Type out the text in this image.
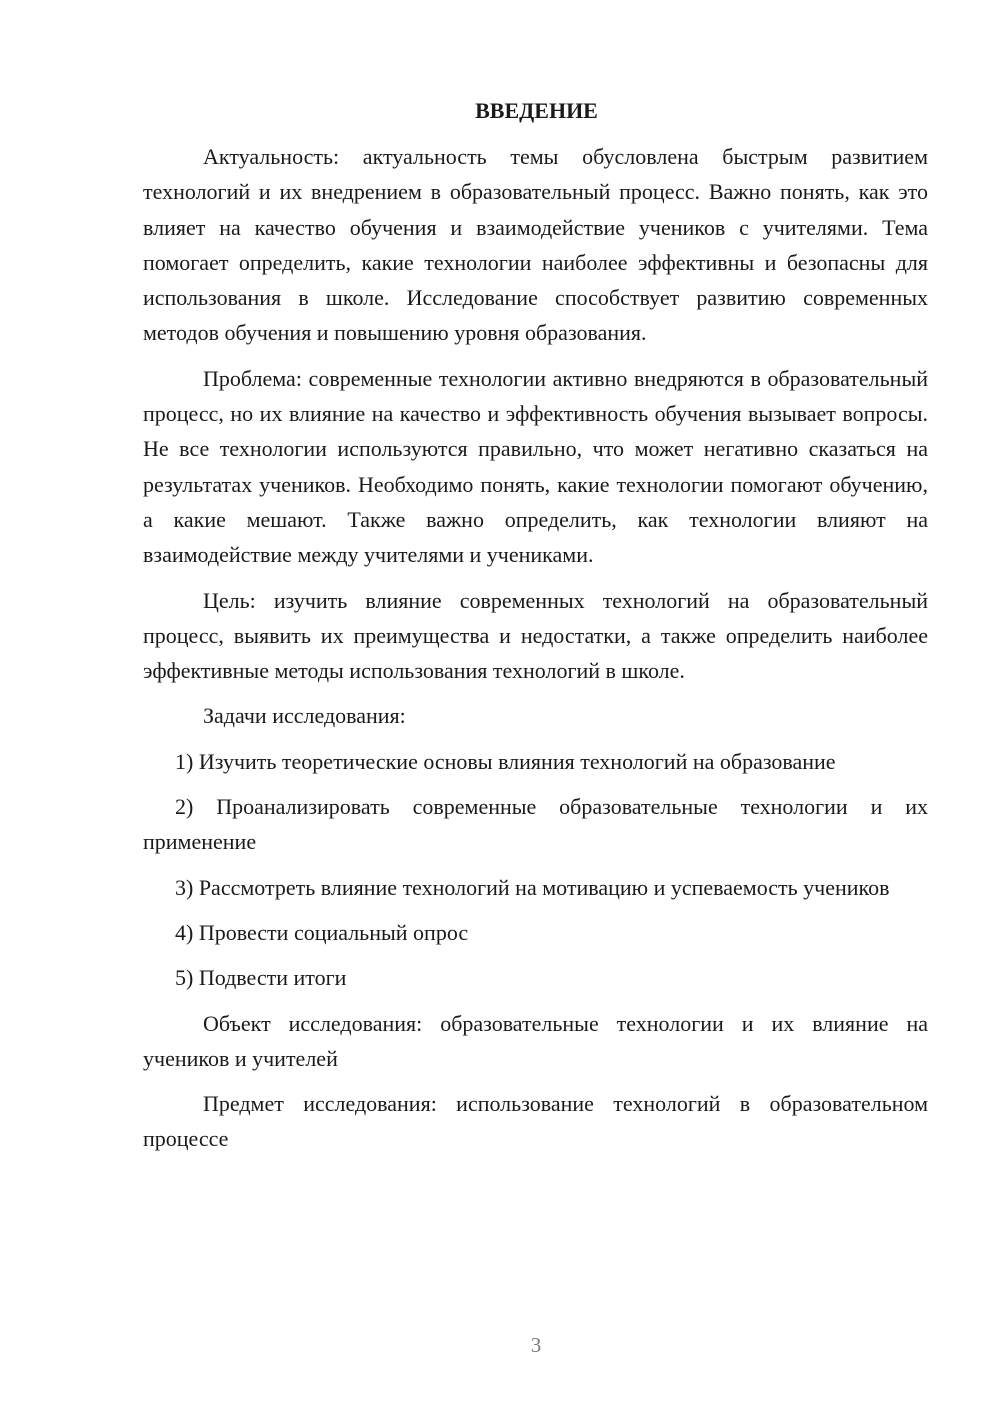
ВВЕДЕНИЕ

Актуальность: актуальность темы обусловлена быстрым развитием технологий и их внедрением в образовательный процесс. Важно понять, как это влияет на качество обучения и взаимодействие учеников с учителями. Тема помогает определить, какие технологии наиболее эффективны и безопасны для использования в школе. Исследование способствует развитию современных методов обучения и повышению уровня образования.

Проблема: современные технологии активно внедряются в образовательный процесс, но их влияние на качество и эффективность обучения вызывает вопросы. Не все технологии используются правильно, что может негативно сказаться на результатах учеников. Необходимо понять, какие технологии помогают обучению, а какие мешают. Также важно определить, как технологии влияют на взаимодействие между учителями и учениками.

Цель: изучить влияние современных технологий на образовательный процесс, выявить их преимущества и недостатки, а также определить наиболее эффективные методы использования технологий в школе.

Задачи исследования:

1) Изучить теоретические основы влияния технологий на образование

2) Проанализировать современные образовательные технологии и их применение

3) Рассмотреть влияние технологий на мотивацию и успеваемость учеников

4) Провести социальный опрос

5) Подвести итоги

Объект исследования: образовательные технологии и их влияние на учеников и учителей

Предмет исследования: использование технологий в образовательном процессе

3
